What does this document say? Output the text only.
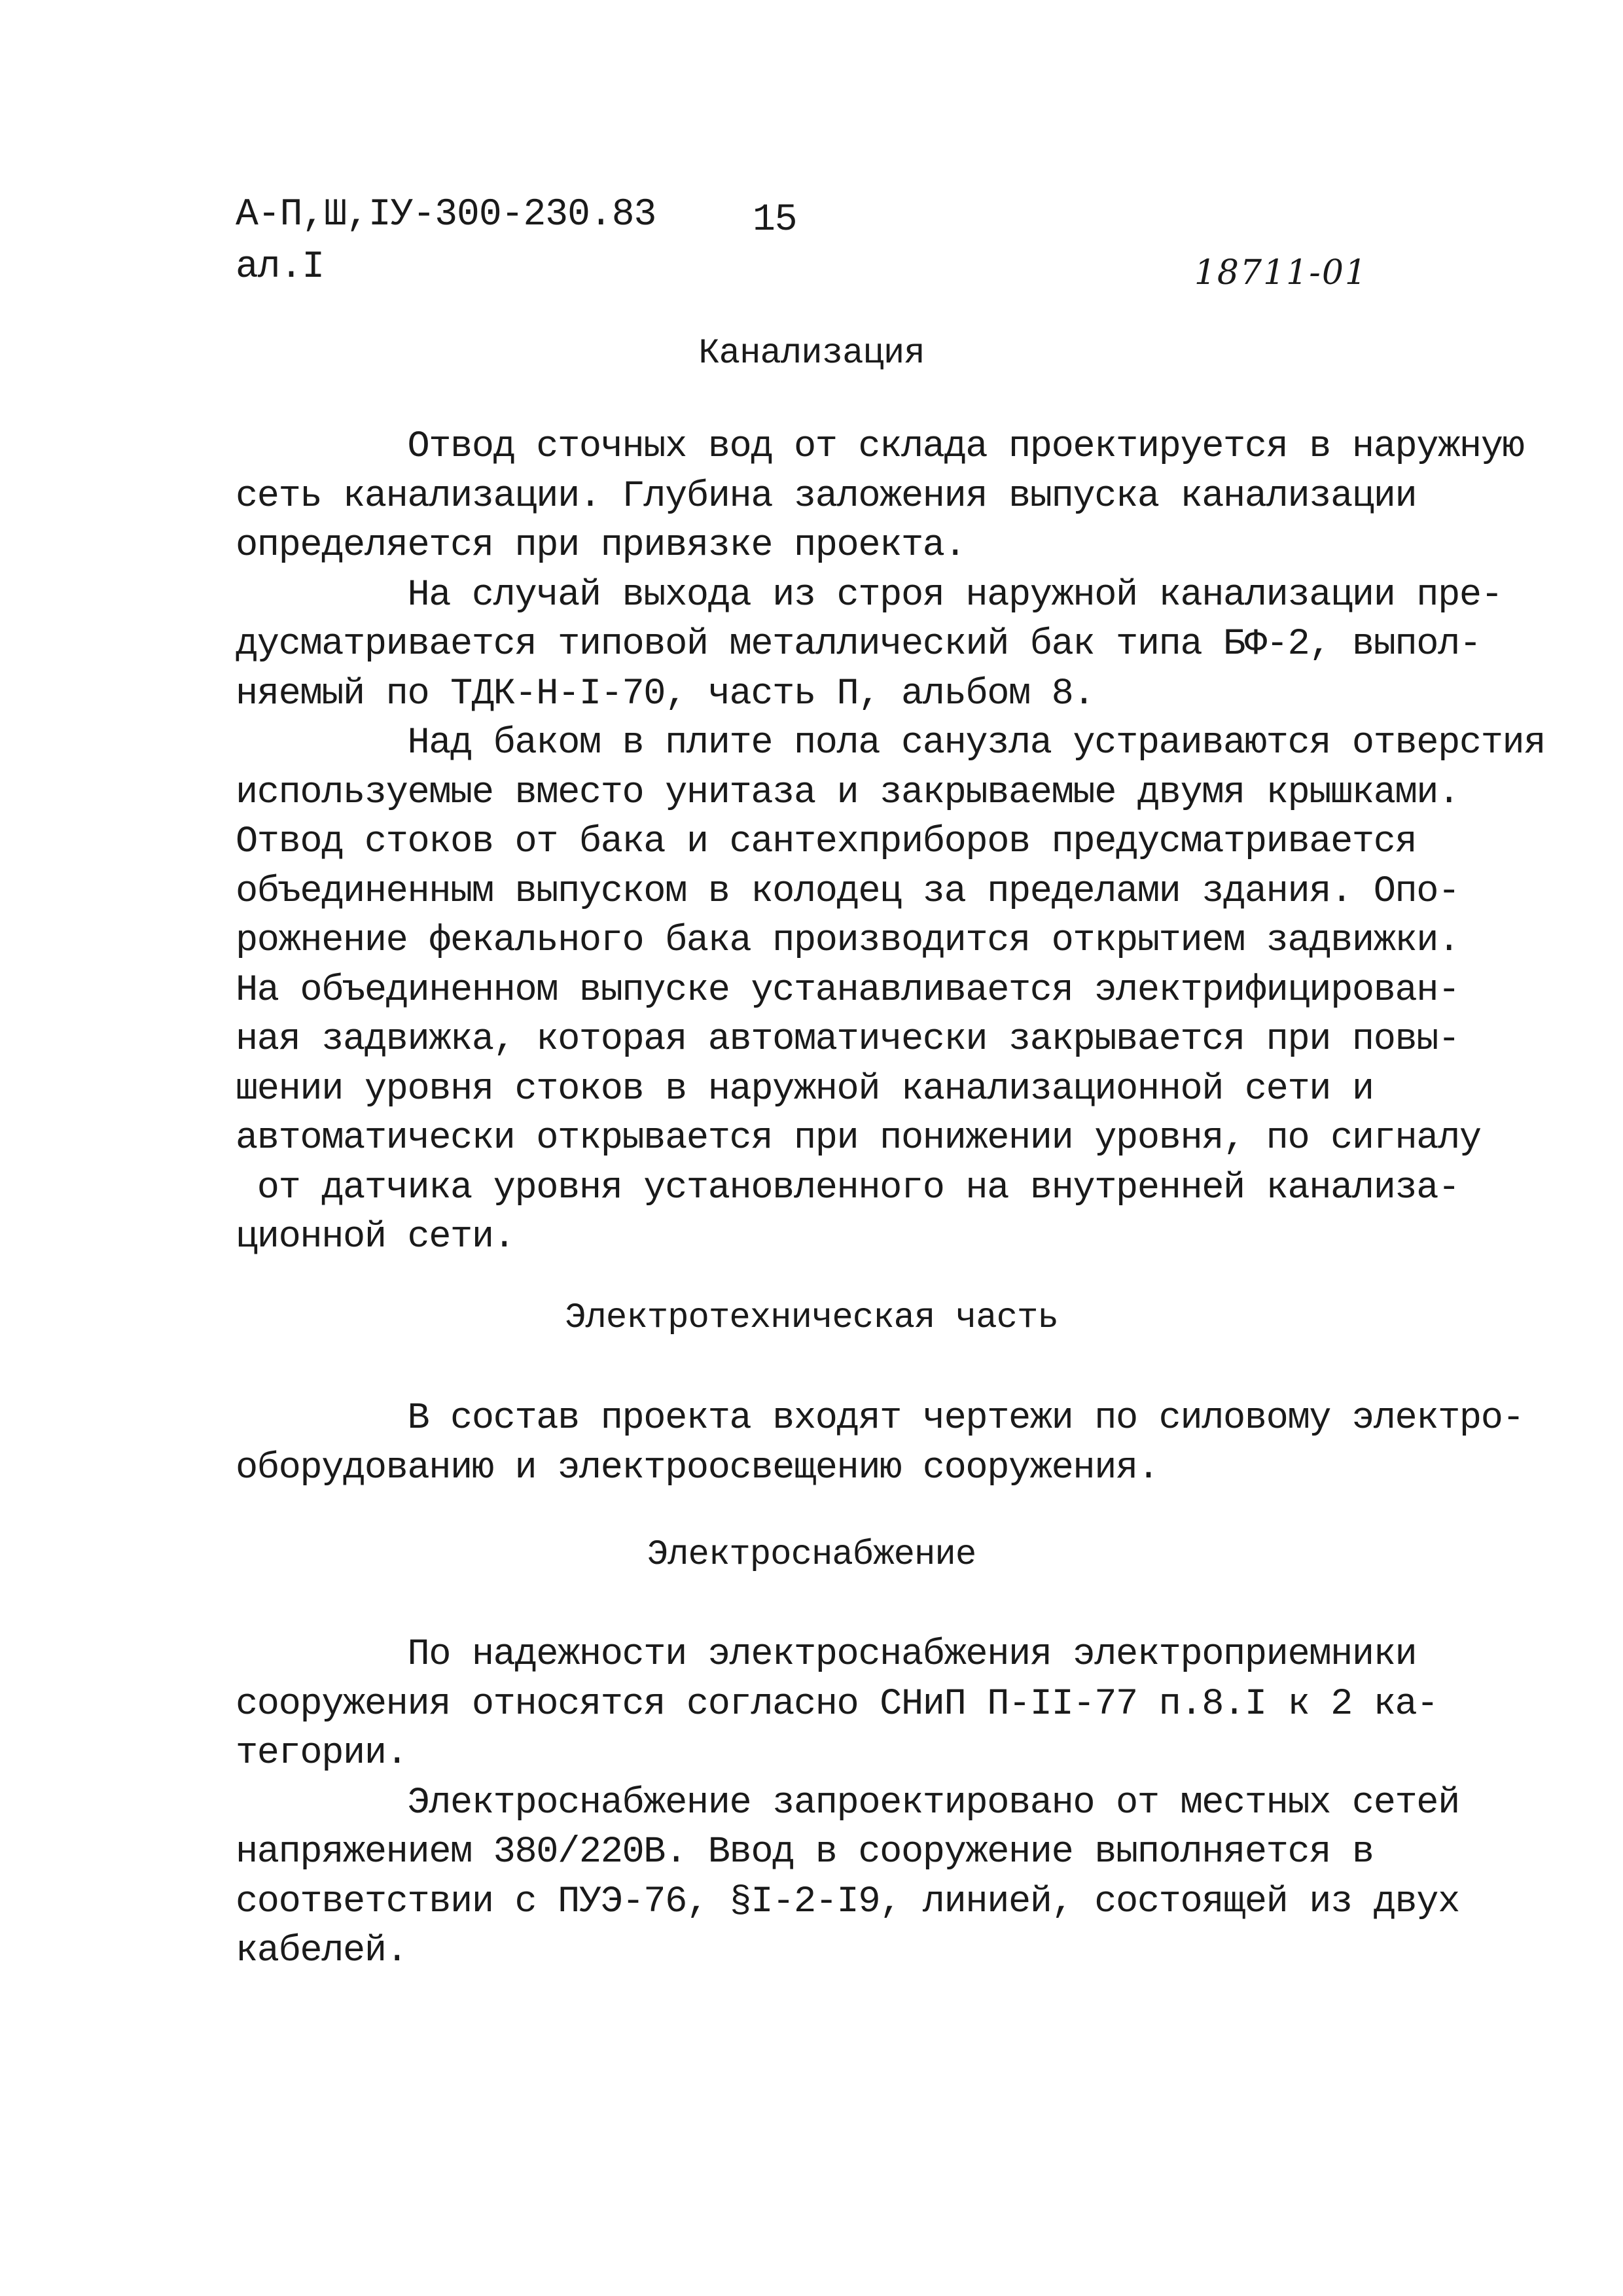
А-П,Ш,IУ-300-230.83
ал.I
15
18711-01
Канализация
Отвод сточных вод от склада проектируется в наружную
сеть канализации. Глубина заложения выпуска канализации
определяется при привязке проекта.
На случай выхода из строя наружной канализации пре-
дусматривается типовой металлический бак типа БФ-2, выпол-
няемый по ТДК-Н-I-70, часть П, альбом 8.
Над баком в плите пола санузла устраиваются отверстия
используемые вместо унитаза и закрываемые двумя крышками.
Отвод стоков от бака и сантехприборов предусматривается
объединенным выпуском в колодец за пределами здания. Опо-
рожнение фекального бака производится открытием задвижки.
На объединенном выпуске устанавливается электрифицирован-
ная задвижка, которая автоматически закрывается при повы-
шении уровня стоков в наружной канализационной сети и
автоматически открывается при понижении уровня, по сигналу
от датчика уровня установленного на внутренней канализа-
ционной сети.
Электротехническая часть
В состав проекта входят чертежи по силовому электро-
оборудованию и электроосвещению сооружения.
Электроснабжение
По надежности электроснабжения электроприемники
сооружения относятся согласно СНиП П-II-77 п.8.I к 2 ка-
тегории.
Электроснабжение запроектировано от местных сетей
напряжением 380/220В. Ввод в сооружение выполняется в
соответствии с ПУЭ-76, §I-2-I9, линией, состоящей из двух
кабелей.
